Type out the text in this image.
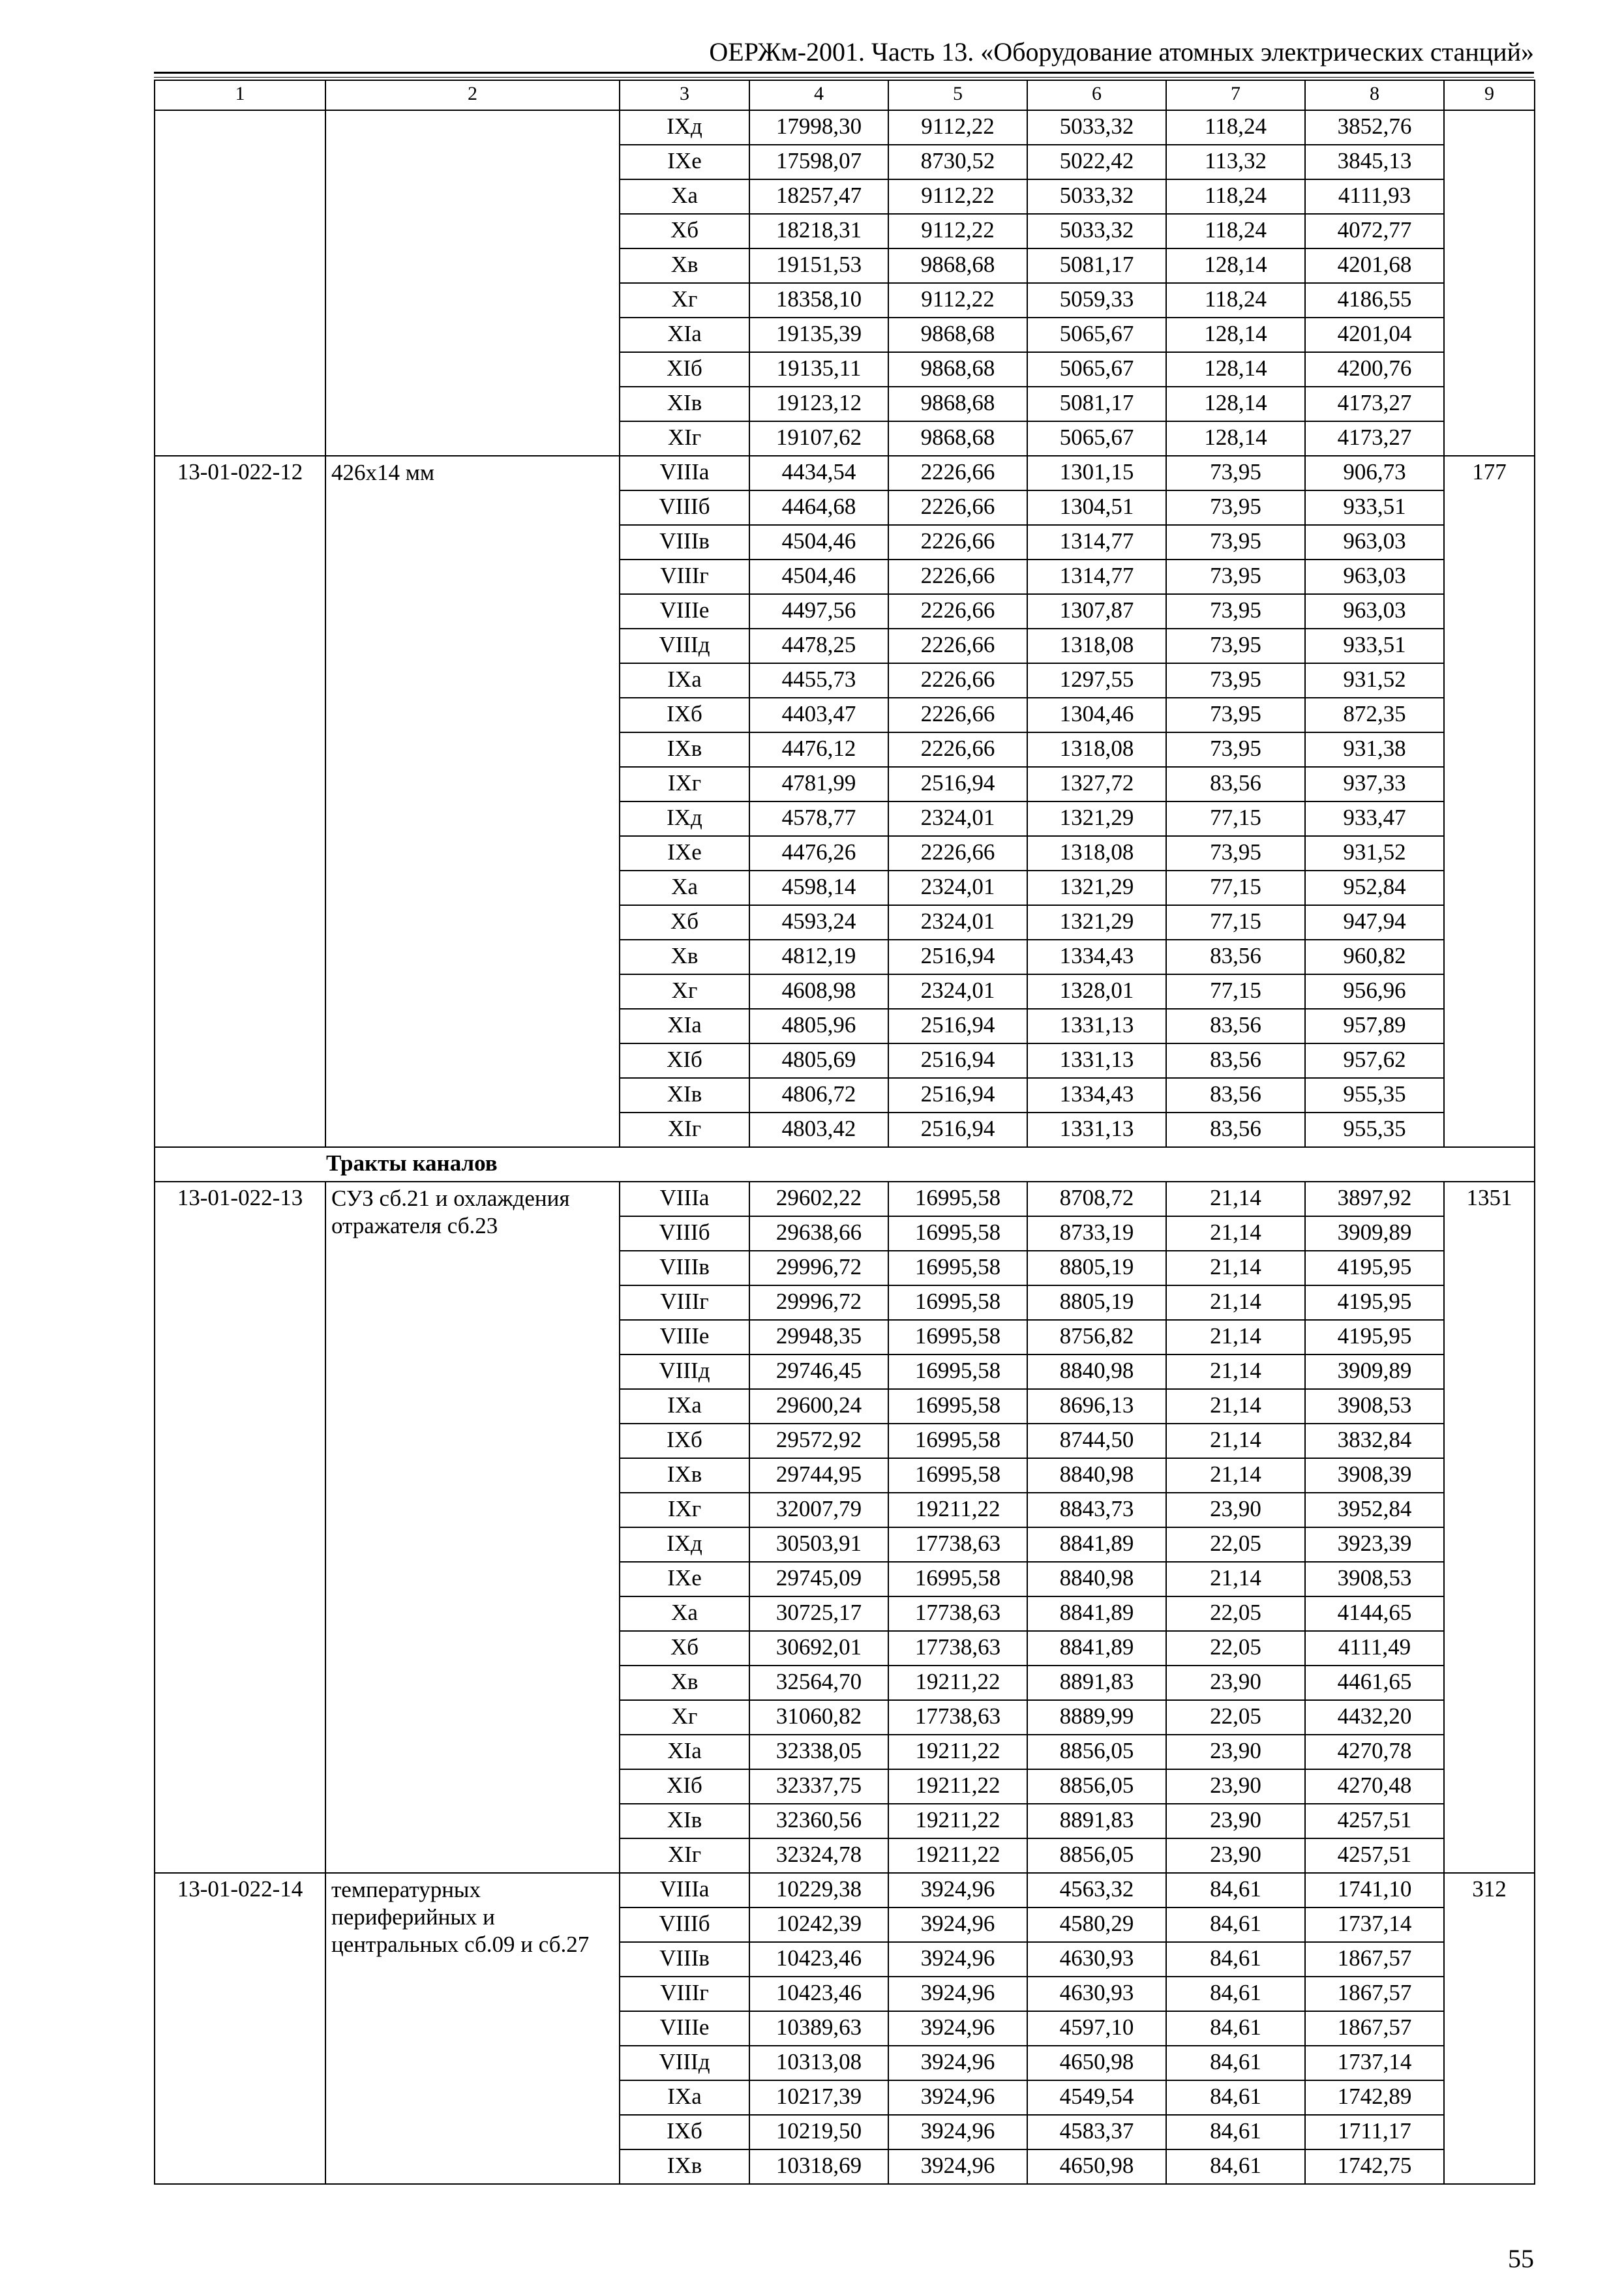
ОЕРЖм-2001. Часть 13. «Оборудование атомных электрических станций»
1	2	3	4	5	6	7	8	9
		IXд	17998,30	9112,22	5033,32	118,24	3852,76	
		IXе	17598,07	8730,52	5022,42	113,32	3845,13	
		Xа	18257,47	9112,22	5033,32	118,24	4111,93	
		Xб	18218,31	9112,22	5033,32	118,24	4072,77	
		Xв	19151,53	9868,68	5081,17	128,14	4201,68	
		Xг	18358,10	9112,22	5059,33	118,24	4186,55	
		XIа	19135,39	9868,68	5065,67	128,14	4201,04	
		XIб	19135,11	9868,68	5065,67	128,14	4200,76	
		XIв	19123,12	9868,68	5081,17	128,14	4173,27	
		XIг	19107,62	9868,68	5065,67	128,14	4173,27	
13-01-022-12	426x14 мм	VIIIа	4434,54	2226,66	1301,15	73,95	906,73	177
		VIIIб	4464,68	2226,66	1304,51	73,95	933,51	
		VIIIв	4504,46	2226,66	1314,77	73,95	963,03	
		VIIIг	4504,46	2226,66	1314,77	73,95	963,03	
		VIIIе	4497,56	2226,66	1307,87	73,95	963,03	
		VIIIд	4478,25	2226,66	1318,08	73,95	933,51	
		IXа	4455,73	2226,66	1297,55	73,95	931,52	
		IXб	4403,47	2226,66	1304,46	73,95	872,35	
		IXв	4476,12	2226,66	1318,08	73,95	931,38	
		IXг	4781,99	2516,94	1327,72	83,56	937,33	
		IXд	4578,77	2324,01	1321,29	77,15	933,47	
		IXе	4476,26	2226,66	1318,08	73,95	931,52	
		Xа	4598,14	2324,01	1321,29	77,15	952,84	
		Xб	4593,24	2324,01	1321,29	77,15	947,94	
		Xв	4812,19	2516,94	1334,43	83,56	960,82	
		Xг	4608,98	2324,01	1328,01	77,15	956,96	
		XIа	4805,96	2516,94	1331,13	83,56	957,89	
		XIб	4805,69	2516,94	1331,13	83,56	957,62	
		XIв	4806,72	2516,94	1334,43	83,56	955,35	
		XIг	4803,42	2516,94	1331,13	83,56	955,35	
Тракты каналов								
13-01-022-13	СУЗ сб.21 и охлаждения отражателя сб.23	VIIIа	29602,22	16995,58	8708,72	21,14	3897,92	1351
		VIIIб	29638,66	16995,58	8733,19	21,14	3909,89	
		VIIIв	29996,72	16995,58	8805,19	21,14	4195,95	
		VIIIг	29996,72	16995,58	8805,19	21,14	4195,95	
		VIIIе	29948,35	16995,58	8756,82	21,14	4195,95	
		VIIIд	29746,45	16995,58	8840,98	21,14	3909,89	
		IXа	29600,24	16995,58	8696,13	21,14	3908,53	
		IXб	29572,92	16995,58	8744,50	21,14	3832,84	
		IXв	29744,95	16995,58	8840,98	21,14	3908,39	
		IXг	32007,79	19211,22	8843,73	23,90	3952,84	
		IXд	30503,91	17738,63	8841,89	22,05	3923,39	
		IXе	29745,09	16995,58	8840,98	21,14	3908,53	
		Xа	30725,17	17738,63	8841,89	22,05	4144,65	
		Xб	30692,01	17738,63	8841,89	22,05	4111,49	
		Xв	32564,70	19211,22	8891,83	23,90	4461,65	
		Xг	31060,82	17738,63	8889,99	22,05	4432,20	
		XIа	32338,05	19211,22	8856,05	23,90	4270,78	
		XIб	32337,75	19211,22	8856,05	23,90	4270,48	
		XIв	32360,56	19211,22	8891,83	23,90	4257,51	
		XIг	32324,78	19211,22	8856,05	23,90	4257,51	
13-01-022-14	температурных периферийных и центральных сб.09 и сб.27	VIIIа	10229,38	3924,96	4563,32	84,61	1741,10	312
		VIIIб	10242,39	3924,96	4580,29	84,61	1737,14	
		VIIIв	10423,46	3924,96	4630,93	84,61	1867,57	
		VIIIг	10423,46	3924,96	4630,93	84,61	1867,57	
		VIIIе	10389,63	3924,96	4597,10	84,61	1867,57	
		VIIIд	10313,08	3924,96	4650,98	84,61	1737,14	
		IXа	10217,39	3924,96	4549,54	84,61	1742,89	
		IXб	10219,50	3924,96	4583,37	84,61	1711,17	
		IXв	10318,69	3924,96	4650,98	84,61	1742,75	
55
